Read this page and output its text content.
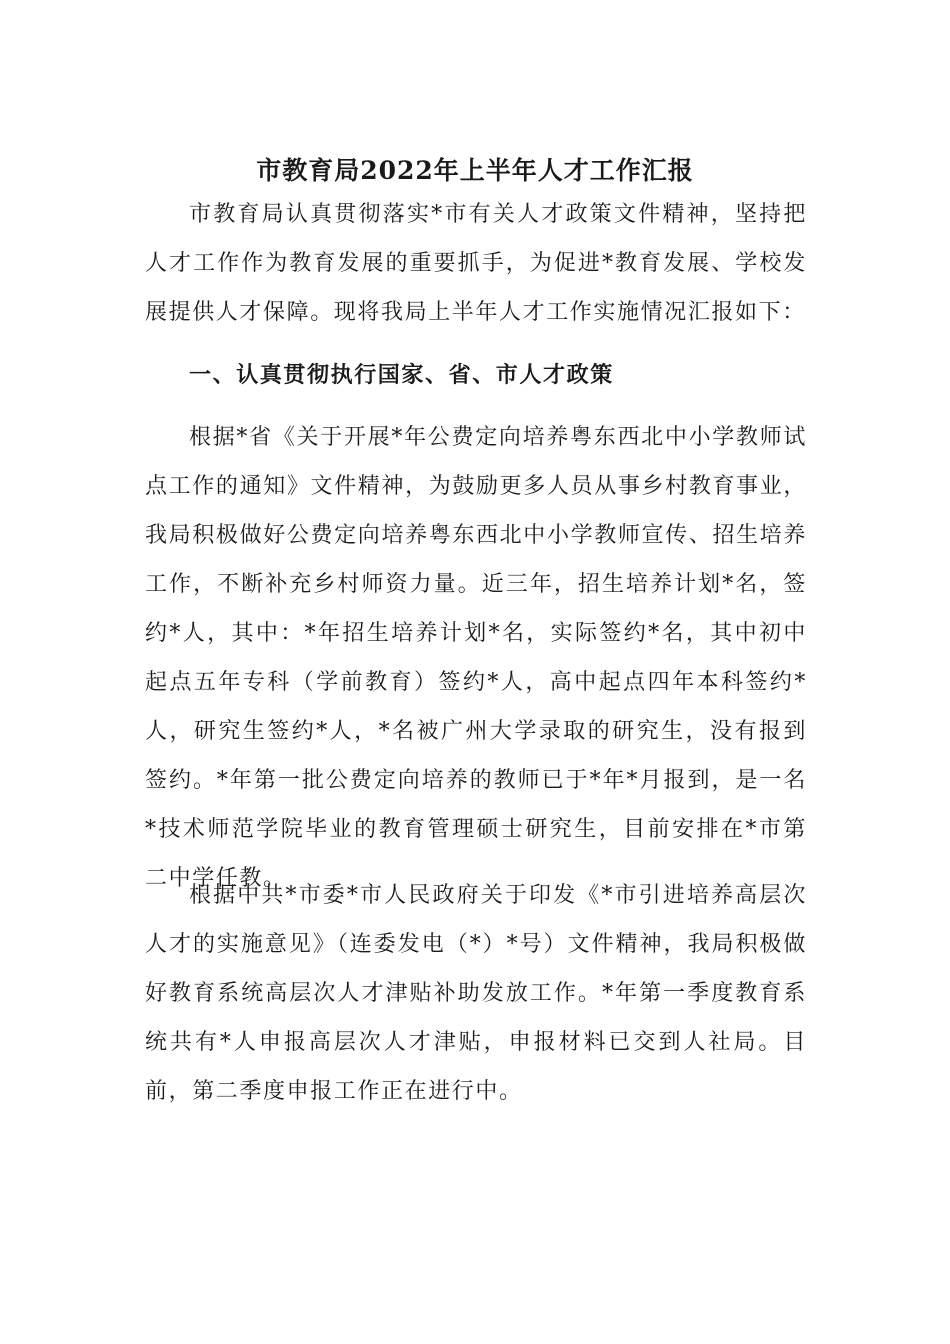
市教育局2022年上半年人才工作汇报

市教育局认真贯彻落实*市有关人才政策文件精神，坚持把人才工作作为教育发展的重要抓手，为促进*教育发展、学校发展提供人才保障。现将我局上半年人才工作实施情况汇报如下：

一、认真贯彻执行国家、省、市人才政策

根据*省《关于开展*年公费定向培养粤东西北中小学教师试点工作的通知》文件精神，为鼓励更多人员从事乡村教育事业，我局积极做好公费定向培养粤东西北中小学教师宣传、招生培养工作，不断补充乡村师资力量。近三年，招生培养计划*名，签约*人，其中：*年招生培养计划*名，实际签约*名，其中初中起点五年专科（学前教育）签约*人，高中起点四年本科签约*人，研究生签约*人，*名被广州大学录取的研究生，没有报到签约。*年第一批公费定向培养的教师已于*年*月报到，是一名*技术师范学院毕业的教育管理硕士研究生，目前安排在*市第二中学任教。

根据中共*市委*市人民政府关于印发《*市引进培养高层次人才的实施意见》（连委发电（*）*号）文件精神，我局积极做好教育系统高层次人才津贴补助发放工作。*年第一季度教育系统共有*人申报高层次人才津贴，申报材料已交到人社局。目前，第二季度申报工作正在进行中。
